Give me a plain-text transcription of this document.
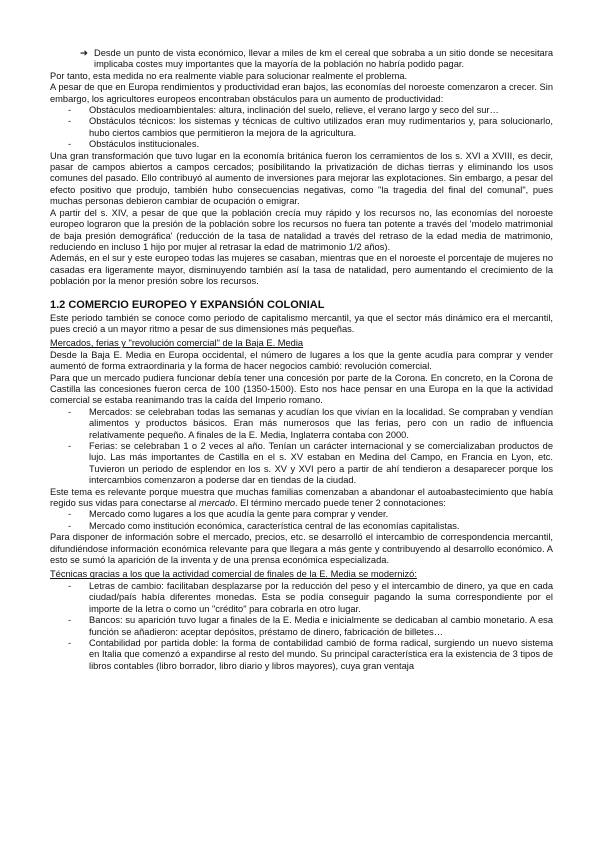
➔ Desde un punto de vista económico, llevar a miles de km el cereal que sobraba a un sitio donde se necesitara implicaba costes muy importantes que la mayoría de la población no habría podido pagar.

Por tanto, esta medida no era realmente viable para solucionar realmente el problema.

A pesar de que en Europa rendimientos y productividad eran bajos, las economías del noroeste comenzaron a crecer. Sin embargo, los agricultores europeos encontraban obstáculos para un aumento de productividad:

- Obstáculos medioambientales: altura, inclinación del suelo, relieve, el verano largo y seco del sur…

- Obstáculos técnicos: los sistemas y técnicas de cultivo utilizados eran muy rudimentarios y, para solucionarlo, hubo ciertos cambios que permitieron la mejora de la agricultura.

- Obstáculos institucionales.

Una gran transformación que tuvo lugar en la economía británica fueron los cerramientos de los s. XVI a XVIII, es decir, pasar de campos abiertos a campos cercados; posibilitando la privatización de dichas tierras y eliminando los usos comunes del pasado. Ello contribuyó al aumento de inversiones para mejorar las explotaciones. Sin embargo, a pesar del efecto positivo que produjo, también hubo consecuencias negativas, como "la tragedia del final del comunal", pues muchas personas debieron cambiar de ocupación o emigrar.

A partir del s. XIV, a pesar de que que la población crecía muy rápido y los recursos no, las economías del noroeste europeo lograron que la presión de la población sobre los recursos no fuera tan potente a través del 'modelo matrimonial de baja presión demográfica' (reducción de la tasa de natalidad a través del retraso de la edad media de matrimonio, reduciendo en incluso 1 hijo por mujer al retrasar la edad de matrimonio 1/2 años).

Además, en el sur y este europeo todas las mujeres se casaban, mientras que en el noroeste el porcentaje de mujeres no casadas era ligeramente mayor, disminuyendo también así la tasa de natalidad, pero aumentando el crecimiento de la población por la menor presión sobre los recursos.

1.2 COMERCIO EUROPEO Y EXPANSIÓN COLONIAL

Este periodo también se conoce como periodo de capitalismo mercantil, ya que el sector más dinámico era el mercantil, pues creció a un mayor ritmo a pesar de sus dimensiones más pequeñas.

Mercados, ferias y "revolución comercial" de la Baja E. Media

Desde la Baja E. Media en Europa occidental, el número de lugares a los que la gente acudía para comprar y vender aumentó de forma extraordinaria y la forma de hacer negocios cambió: revolución comercial.

Para que un mercado pudiera funcionar debía tener una concesión por parte de la Corona. En concreto, en la Corona de Castilla las concesiones fueron cerca de 100 (1350-1500). Esto nos hace pensar en una Europa en la que la actividad comercial se estaba reanimando tras la caída del Imperio romano.

- Mercados: se celebraban todas las semanas y acudían los que vivían en la localidad. Se compraban y vendían alimentos y productos básicos. Eran más numerosos que las ferias, pero con un radio de influencia relativamente pequeño. A finales de la E. Media, Inglaterra contaba con 2000.

- Ferias: se celebraban 1 o 2 veces al año. Tenían un carácter internacional y se comercializaban productos de lujo. Las más importantes de Castilla en el s. XV estaban en Medina del Campo, en Francia en Lyon, etc. Tuvieron un periodo de esplendor en los s. XV y XVI pero a partir de ahí tendieron a desaparecer porque los intercambios comenzaron a poderse dar en tiendas de la ciudad.

Este tema es relevante porque muestra que muchas familias comenzaban a abandonar el autoabastecimiento que había regido sus vidas para conectarse al mercado. El término mercado puede tener 2 connotaciones:

- Mercado como lugares a los que acudía la gente para comprar y vender.

- Mercado como institución económica, característica central de las economías capitalistas.

Para disponer de información sobre el mercado, precios, etc. se desarrolló el intercambio de correspondencia mercantil, difundiéndose información económica relevante para que llegara a más gente y contribuyendo al desarrollo económico. A esto se sumó la aparición de la inventa y de una prensa económica especializada.

Técnicas gracias a los que la actividad comercial de finales de la E. Media se modernizó:

- Letras de cambio: facilitaban desplazarse por la reducción del peso y el intercambio de dinero, ya que en cada ciudad/país había diferentes monedas. Esta se podía conseguir pagando la suma correspondiente por el importe de la letra o como un "crédito" para cobrarla en otro lugar.

- Bancos: su aparición tuvo lugar a finales de la E. Media e inicialmente se dedicaban al cambio monetario. A esa función se añadieron: aceptar depósitos, préstamo de dinero, fabricación de billetes…

- Contabilidad por partida doble: la forma de contabilidad cambió de forma radical, surgiendo un nuevo sistema en Italia que comenzó a expandirse al resto del mundo. Su principal característica era la existencia de 3 tipos de libros contables (libro borrador, libro diario y libros mayores), cuya gran ventaja
